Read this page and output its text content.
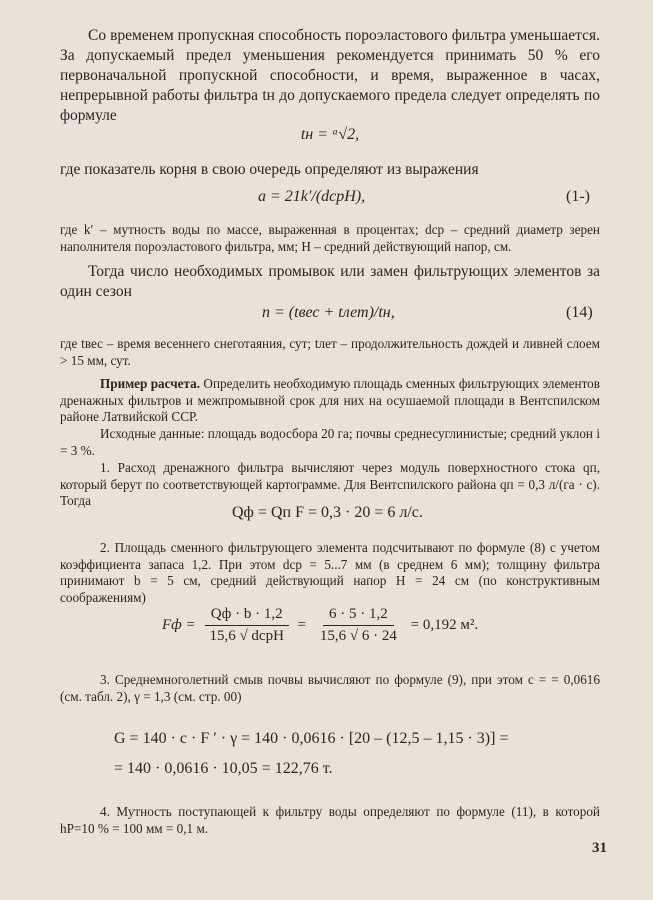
Со временем пропускная способность пороэластового фильтра уменьшается. За допускаемый предел уменьшения рекомендуется принимать 50 % его первоначальной пропускной способности, и время, выраженное в часах, непрерывной работы фильтра tн до допускаемого предела следует определять по формуле

tн = ᵃ√2,

где показатель корня в свою очередь определяют из выражения

a = 21k′/(dсрH),	(1‑)

где k′ – мутность воды по массе, выраженная в процентах; dср – средний диаметр зерен наполнителя пороэластового фильтра, мм; H – средний действующий напор, см.

Тогда число необходимых промывок или замен фильтрующих элементов за один сезон

n = (tвес + tлет)/tн,	(14)

где tвес – время весеннего снеготаяния, сут; tлет – продолжительность дождей и ливней слоем > 15 мм, сут.

Пример расчета. Определить необходимую площадь сменных фильтрующих элементов дренажных фильтров и межпромывной срок для них на осушаемой площади в Вентспилском районе Латвийской ССР.

Исходные данные: площадь водосбора 20 га; почвы среднесуглинистые; средний уклон i = 3 %.

1. Расход дренажного фильтра вычисляют через модуль поверхностного стока qп, который берут по соответствующей картограмме. Для Вентспилского района qп = 0,3 л/(га · с). Тогда

Qф = Qп F = 0,3 · 20 = 6 л/с.

2. Площадь сменного фильтрующего элемента подсчитывают по формуле (8) с учетом коэффициента запаса 1,2. При этом dср = 5...7 мм (в среднем 6 мм); толщину фильтра принимают b = 5 см, средний действующий напор H = 24 см (по конструктивным соображениям)

Fф = $\frac{Qф \cdot b \cdot 1,2}{\text{15,6 √ dсрH}} = \frac{6 \cdot 5 \cdot 1,2}{15,6 √ 6 \cdot 24} = 0,192$ м².

3. Среднемноголетний смыв почвы вычисляют по формуле (9), при этом c = = 0,0616 (см. табл. 2), γ = 1,3 (см. стр. 00)

G = 140 · c · F ′ · γ = 140 · 0,0616 · [20 – (12,5 – 1,15 · 3)] =
= 140 · 0,0616 · 10,05 = 122,76 т.

4. Мутность поступающей к фильтру воды определяют по формуле (11), в которой hP=10 % = 100 мм = 0,1 м.

31
